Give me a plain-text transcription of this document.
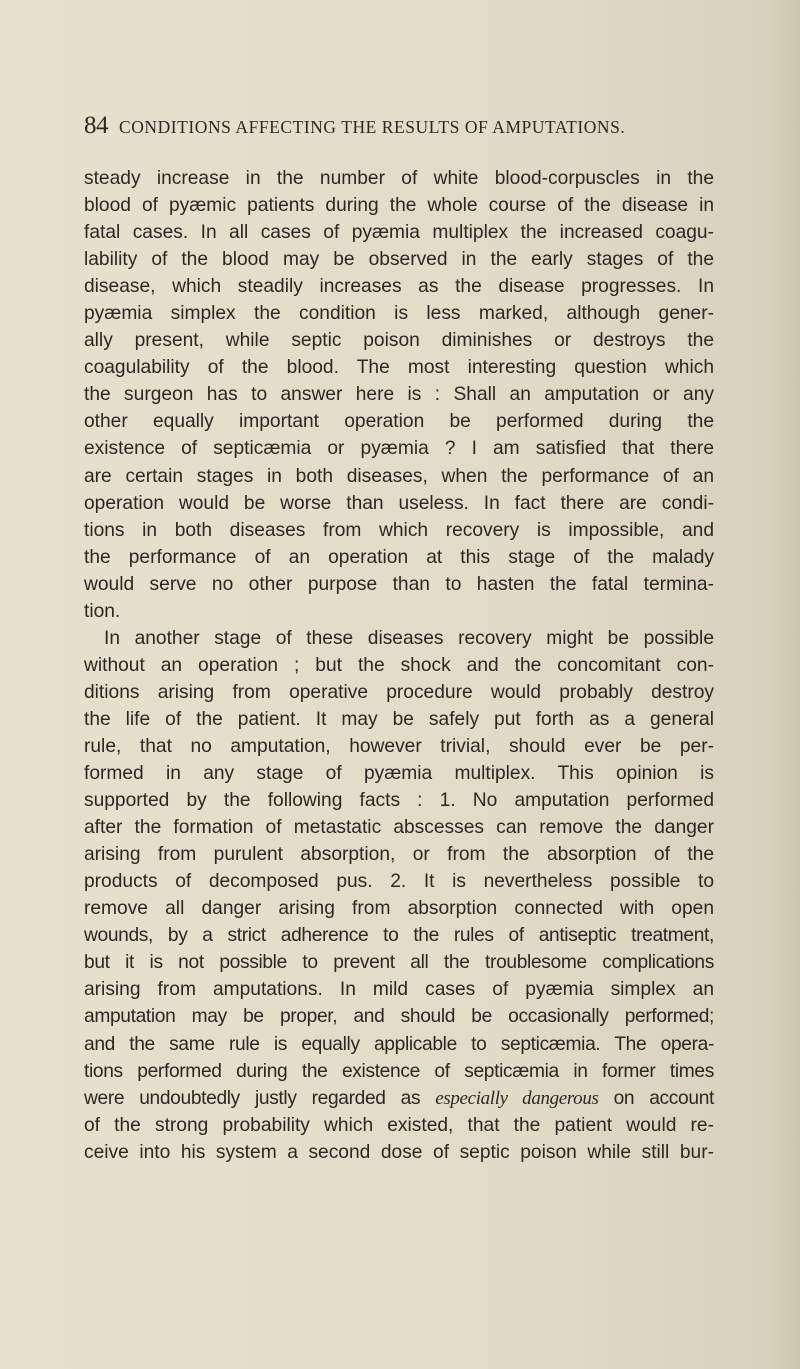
84 CONDITIONS AFFECTING THE RESULTS OF AMPUTATIONS.
steady increase in the number of white blood-corpuscles in the
blood of pyæmic patients during the whole course of the disease in
fatal cases. In all cases of pyæmia multiplex the increased coagu-
lability of the blood may be observed in the early stages of the
disease, which steadily increases as the disease progresses. In
pyæmia simplex the condition is less marked, although gener-
ally present, while septic poison diminishes or destroys the
coagulability of the blood. The most interesting question which
the surgeon has to answer here is : Shall an amputation or any
other equally important operation be performed during the
existence of septicæmia or pyæmia ? I am satisfied that there
are certain stages in both diseases, when the performance of an
operation would be worse than useless. In fact there are condi-
tions in both diseases from which recovery is impossible, and
the performance of an operation at this stage of the malady
would serve no other purpose than to hasten the fatal termina-
tion.
In another stage of these diseases recovery might be possible
without an operation ; but the shock and the concomitant con-
ditions arising from operative procedure would probably destroy
the life of the patient. It may be safely put forth as a general
rule, that no amputation, however trivial, should ever be per-
formed in any stage of pyæmia multiplex. This opinion is
supported by the following facts : 1. No amputation performed
after the formation of metastatic abscesses can remove the danger
arising from purulent absorption, or from the absorption of the
products of decomposed pus. 2. It is nevertheless possible to
remove all danger arising from absorption connected with open
wounds, by a strict adherence to the rules of antiseptic treatment,
but it is not possible to prevent all the troublesome complications
arising from amputations. In mild cases of pyæmia simplex an
amputation may be proper, and should be occasionally performed;
and the same rule is equally applicable to septicæmia. The opera-
tions performed during the existence of septicæmia in former times
were undoubtedly justly regarded as especially dangerous on account
of the strong probability which existed, that the patient would re-
ceive into his system a second dose of septic poison while still bur-
